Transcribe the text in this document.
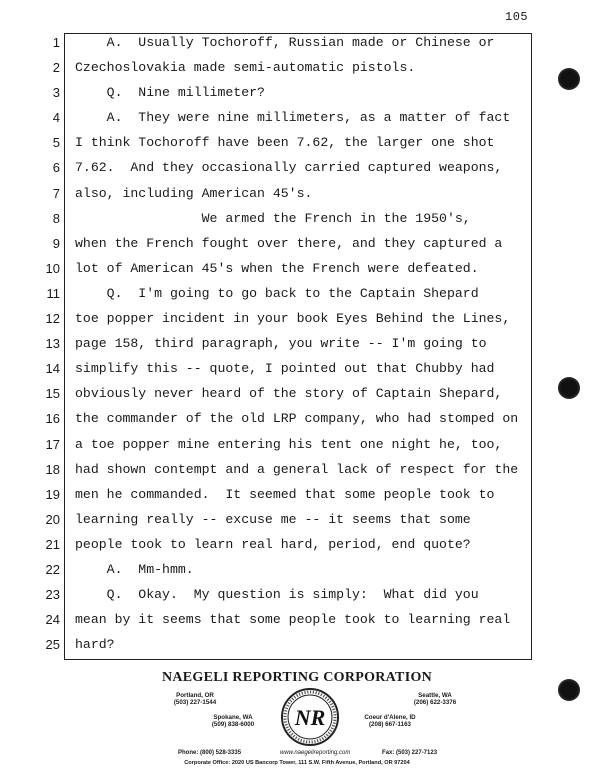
105
1
2
3
4
5
6
7
8
9
10
11
12
13
14
15
16
17
18
19
20
21
22
23
24
25
A.  Usually Tochoroff, Russian made or Chinese or
Czechoslovakia made semi-automatic pistols.
Q.  Nine millimeter?
A.  They were nine millimeters, as a matter of fact
I think Tochoroff have been 7.62, the larger one shot
7.62.  And they occasionally carried captured weapons,
also, including American 45's.
We armed the French in the 1950's,
when the French fought over there, and they captured a
lot of American 45's when the French were defeated.
Q.  I'm going to go back to the Captain Shepard
toe popper incident in your book Eyes Behind the Lines,
page 158, third paragraph, you write -- I'm going to
simplify this -- quote, I pointed out that Chubby had
obviously never heard of the story of Captain Shepard,
the commander of the old LRP company, who had stomped on
a toe popper mine entering his tent one night he, too,
had shown contempt and a general lack of respect for the
men he commanded.  It seemed that some people took to
learning really -- excuse me -- it seems that some
people took to learn real hard, period, end quote?
A.  Mm-hmm.
Q.  Okay.  My question is simply:  What did you
mean by it seems that some people took to learning real
hard?
NAEGELI REPORTING CORPORATION
Portland, OR
(503) 227-1544
Seattle, WA
(206) 622-3376
Spokane, WA
(509) 838-6000
Coeur d'Alene, ID
(208) 667-1163
NR
Phone: (800) 528-3335	www.naegelireporting.com	Fax: (503) 227-7123
Corporate Office: 2020 US Bancorp Tower, 111 S.W. Fifth Avenue, Portland, OR 97204
